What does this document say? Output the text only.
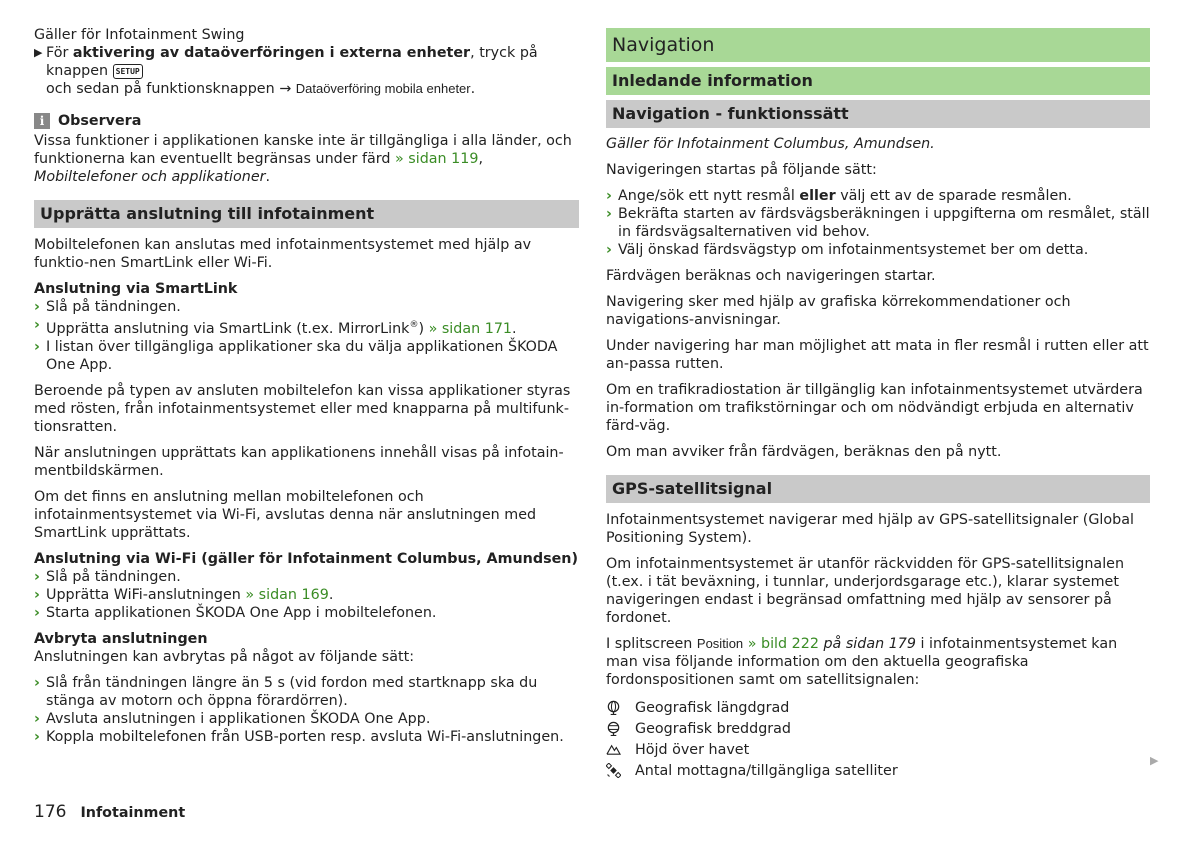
Gäller för Infotainment Swing

▶ För aktivering av dataöverföringen i externa enheter, tryck på knappen SETUP
och sedan på funktionsknappen → Dataöverföring mobila enheter.
i Observera

Vissa funktioner i applikationen kanske inte är tillgängliga i alla länder, och funktionerna kan eventuellt begränsas under färd » sidan 119, Mobiltelefoner och applikationer.

Upprätta anslutning till infotainment

Mobiltelefonen kan anslutas med infotainmentsystemet med hjälp av funktio-nen SmartLink eller Wi-Fi.

Anslutning via SmartLink

› Slå på tändningen.
› Upprätta anslutning via SmartLink (t.ex. MirrorLink®) » sidan 171.
› I listan över tillgängliga applikationer ska du välja applikationen ŠKODA One App.

Beroende på typen av ansluten mobiltelefon kan vissa applikationer styras med rösten, från infotainmentsystemet eller med knapparna på multifunk-tionsratten.

När anslutningen upprättats kan applikationens innehåll visas på infotain-mentbildskärmen.

Om det finns en anslutning mellan mobiltelefonen och infotainmentsystemet via Wi-Fi, avslutas denna när anslutningen med SmartLink upprättats.

Anslutning via Wi-Fi (gäller för Infotainment Columbus, Amundsen)

› Slå på tändningen.
› Upprätta WiFi-anslutningen » sidan 169.
› Starta applikationen ŠKODA One App i mobiltelefonen.

Avbryta anslutningen

Anslutningen kan avbrytas på något av följande sätt:

› Slå från tändningen längre än 5 s (vid fordon med startknapp ska du stänga av motorn och öppna förardörren).
› Avsluta anslutningen i applikationen ŠKODA One App.
› Koppla mobiltelefonen från USB-porten resp. avsluta Wi-Fi-anslutningen.
Navigation
Inledande information
Navigation - funktionssätt

Gäller för Infotainment Columbus, Amundsen.

Navigeringen startas på följande sätt:

› Ange/sök ett nytt resmål eller välj ett av de sparade resmålen.
› Bekräfta starten av färdsvägsberäkningen i uppgifterna om resmålet, ställ in färdsvägsalternativen vid behov.
› Välj önskad färdsvägstyp om infotainmentsystemet ber om detta.

Färdvägen beräknas och navigeringen startar.

Navigering sker med hjälp av grafiska körrekommendationer och navigations-anvisningar.

Under navigering har man möjlighet att mata in fler resmål i rutten eller att an-passa rutten.

Om en trafikradiostation är tillgänglig kan infotainmentsystemet utvärdera in-formation om trafikstörningar och om nödvändigt erbjuda en alternativ färd-väg.

Om man avviker från färdvägen, beräknas den på nytt.

GPS-satellitsignal

Infotainmentsystemet navigerar med hjälp av GPS-satellitsignaler (Global Positioning System).

Om infotainmentsystemet är utanför räckvidden för GPS-satellitsignalen (t.ex. i tät beväxning, i tunnlar, underjordsgarage etc.), klarar systemet navigeringen endast i begränsad omfattning med hjälp av sensorer på fordonet.

I splitscreen Position » bild 222 på sidan 179 i infotainmentsystemet kan man visa följande information om den aktuella geografiska fordonspositionen samt om satellitsignalen:

Geografisk längdgrad
Geografisk breddgrad
Höjd över havet
Antal mottagna/tillgängliga satelliter
▶
176 Infotainment
